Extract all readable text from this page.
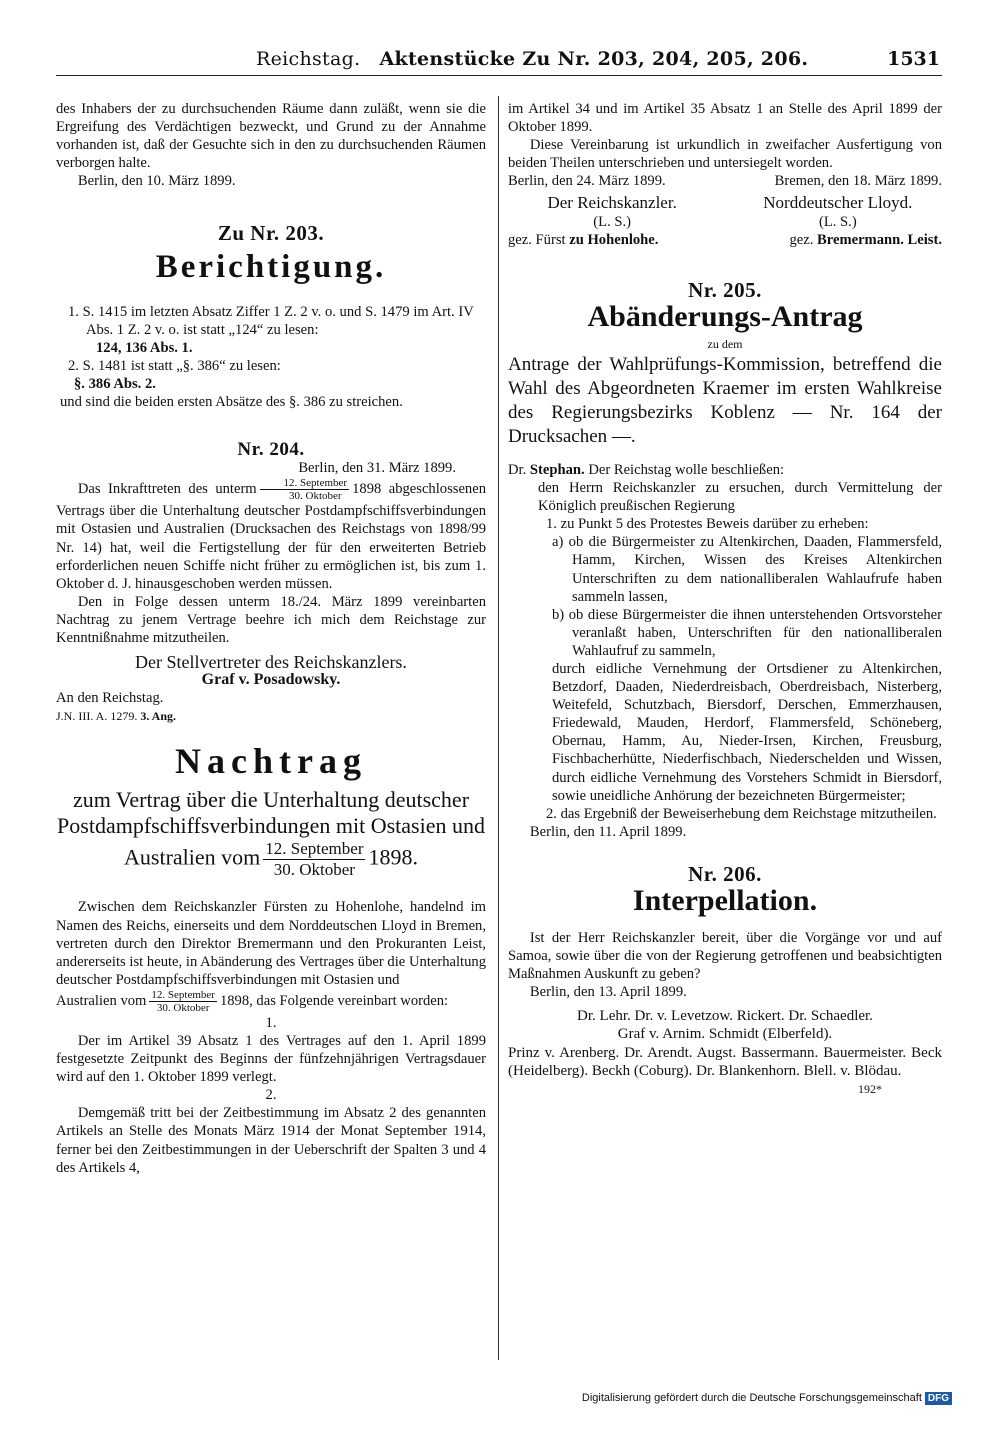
Reichstag. Aktenstücke Zu Nr. 203, 204, 205, 206.	1531

des Inhabers der zu durchsuchenden Räume dann zuläßt, wenn sie die Ergreifung des Verdächtigen bezweckt, und Grund zu der Annahme vorhanden ist, daß der Gesuchte sich in den zu durchsuchenden Räumen verborgen halte.

Berlin, den 10. März 1899.

Zu Nr. 203.
Berichtigung.

1. S. 1415 im letzten Absatz Ziffer 1 Z. 2 v. o. und S. 1479 im Art. IV Abs. 1 Z. 2 v. o. ist statt „124“ zu lesen:

124, 136 Abs. 1.

2. S. 1481 ist statt „§. 386“ zu lesen:

§. 386 Abs. 2.

und sind die beiden ersten Absätze des §. 386 zu streichen.

Nr. 204.

Berlin, den 31. März 1899.

Das Inkrafttreten des unterm $\frac{\text{12. September}}{\text{30. Oktober}} 1898$ abgeschlossenen Vertrags über die Unterhaltung deutscher Postdampfschiffsverbindungen mit Ostasien und Australien (Drucksachen des Reichstags von 1898/99 Nr. 14) hat, weil die Fertigstellung der für den erweiterten Betrieb erforderlichen neuen Schiffe nicht früher zu ermöglichen ist, bis zum 1. Oktober d. J. hinausgeschoben werden müssen.

Den in Folge dessen unterm 18./24. März 1899 vereinbarten Nachtrag zu jenem Vertrage beehre ich mich dem Reichstage zur Kenntnißnahme mitzutheilen.

Der Stellvertreter des Reichskanzlers.

Graf v. Posadowsky.

An den Reichstag.

J.N. III. A. 1279. 3. Ang.

Nachtrag
zum Vertrag über die Unterhaltung deutscher Postdampfschiffsverbindungen mit Ostasien und
Australien vom $\frac{\text{12. September}}{\text{30. Oktober}} 1898$.

Zwischen dem Reichskanzler Fürsten zu Hohenlohe, handelnd im Namen des Reichs, einerseits und dem Norddeutschen Lloyd in Bremen, vertreten durch den Direktor Bremermann und den Prokuranten Leist, andererseits ist heute, in Abänderung des Vertrages über die Unterhaltung deutscher Postdampfschiffsverbindungen mit Ostasien und

Australien vom $\frac{\text{12. September}}{\text{30. Oktober}} 1898$, das Folgende vereinbart worden:

1.

Der im Artikel 39 Absatz 1 des Vertrages auf den 1. April 1899 festgesetzte Zeitpunkt des Beginns der fünfzehnjährigen Vertragsdauer wird auf den 1. Oktober 1899 verlegt.

2.

Demgemäß tritt bei der Zeitbestimmung im Absatz 2 des genannten Artikels an Stelle des Monats März 1914 der Monat September 1914, ferner bei den Zeitbestimmungen in der Ueberschrift der Spalten 3 und 4 des Artikels 4,

im Artikel 34 und im Artikel 35 Absatz 1 an Stelle des April 1899 der Oktober 1899.

Diese Vereinbarung ist urkundlich in zweifacher Ausfertigung von beiden Theilen unterschrieben und untersiegelt worden.

Berlin, den 24. März 1899.	Bremen, den 18. März 1899.
Der Reichskanzler.	Norddeutscher Lloyd.
(L. S.)	(L. S.)
gez. Fürst zu Hohenlohe.	gez. Bremermann. Leist.
Nr. 205.
Abänderungs-Antrag

zu dem

Antrage der Wahlprüfungs-Kommission, betreffend die Wahl des Abgeordneten Kraemer im ersten Wahlkreise des Regierungsbezirks Koblenz — Nr. 164 der Drucksachen —.

Dr. Stephan. Der Reichstag wolle beschließen:

den Herrn Reichskanzler zu ersuchen, durch Vermittelung der Königlich preußischen Regierung

1. zu Punkt 5 des Protestes Beweis darüber zu erheben:

a) ob die Bürgermeister zu Altenkirchen, Daaden, Flammersfeld, Hamm, Kirchen, Wissen des Kreises Altenkirchen Unterschriften zu dem nationalliberalen Wahlaufrufe haben sammeln lassen,

b) ob diese Bürgermeister die ihnen unterstehenden Ortsvorsteher veranlaßt haben, Unterschriften für den nationalliberalen Wahlaufruf zu sammeln,

durch eidliche Vernehmung der Ortsdiener zu Altenkirchen, Betzdorf, Daaden, Niederdreisbach, Oberdreisbach, Nisterberg, Weitefeld, Schutzbach, Biersdorf, Derschen, Emmerzhausen, Friedewald, Mauden, Herdorf, Flammersfeld, Schöneberg, Obernau, Hamm, Au, Nieder-Irsen, Kirchen, Freusburg, Fischbacherhütte, Niederfischbach, Niederschelden und Wissen, durch eidliche Vernehmung des Vorstehers Schmidt in Biersdorf, sowie uneidliche Anhörung der bezeichneten Bürgermeister;

2. das Ergebniß der Beweiserhebung dem Reichstage mitzutheilen.

Berlin, den 11. April 1899.

Nr. 206.
Interpellation.

Ist der Herr Reichskanzler bereit, über die Vorgänge vor und auf Samoa, sowie über die von der Regierung getroffenen und beabsichtigten Maßnahmen Auskunft zu geben?

Berlin, den 13. April 1899.

Dr. Lehr. Dr. v. Levetzow. Rickert. Dr. Schaedler.

Graf v. Arnim. Schmidt (Elberfeld).

Prinz v. Arenberg. Dr. Arendt. Augst. Bassermann. Bauermeister. Beck (Heidelberg). Beckh (Coburg). Dr. Blankenhorn. Blell. v. Blödau.

192*

Digitalisierung gefördert durch die Deutsche Forschungsgemeinschaft DFG
